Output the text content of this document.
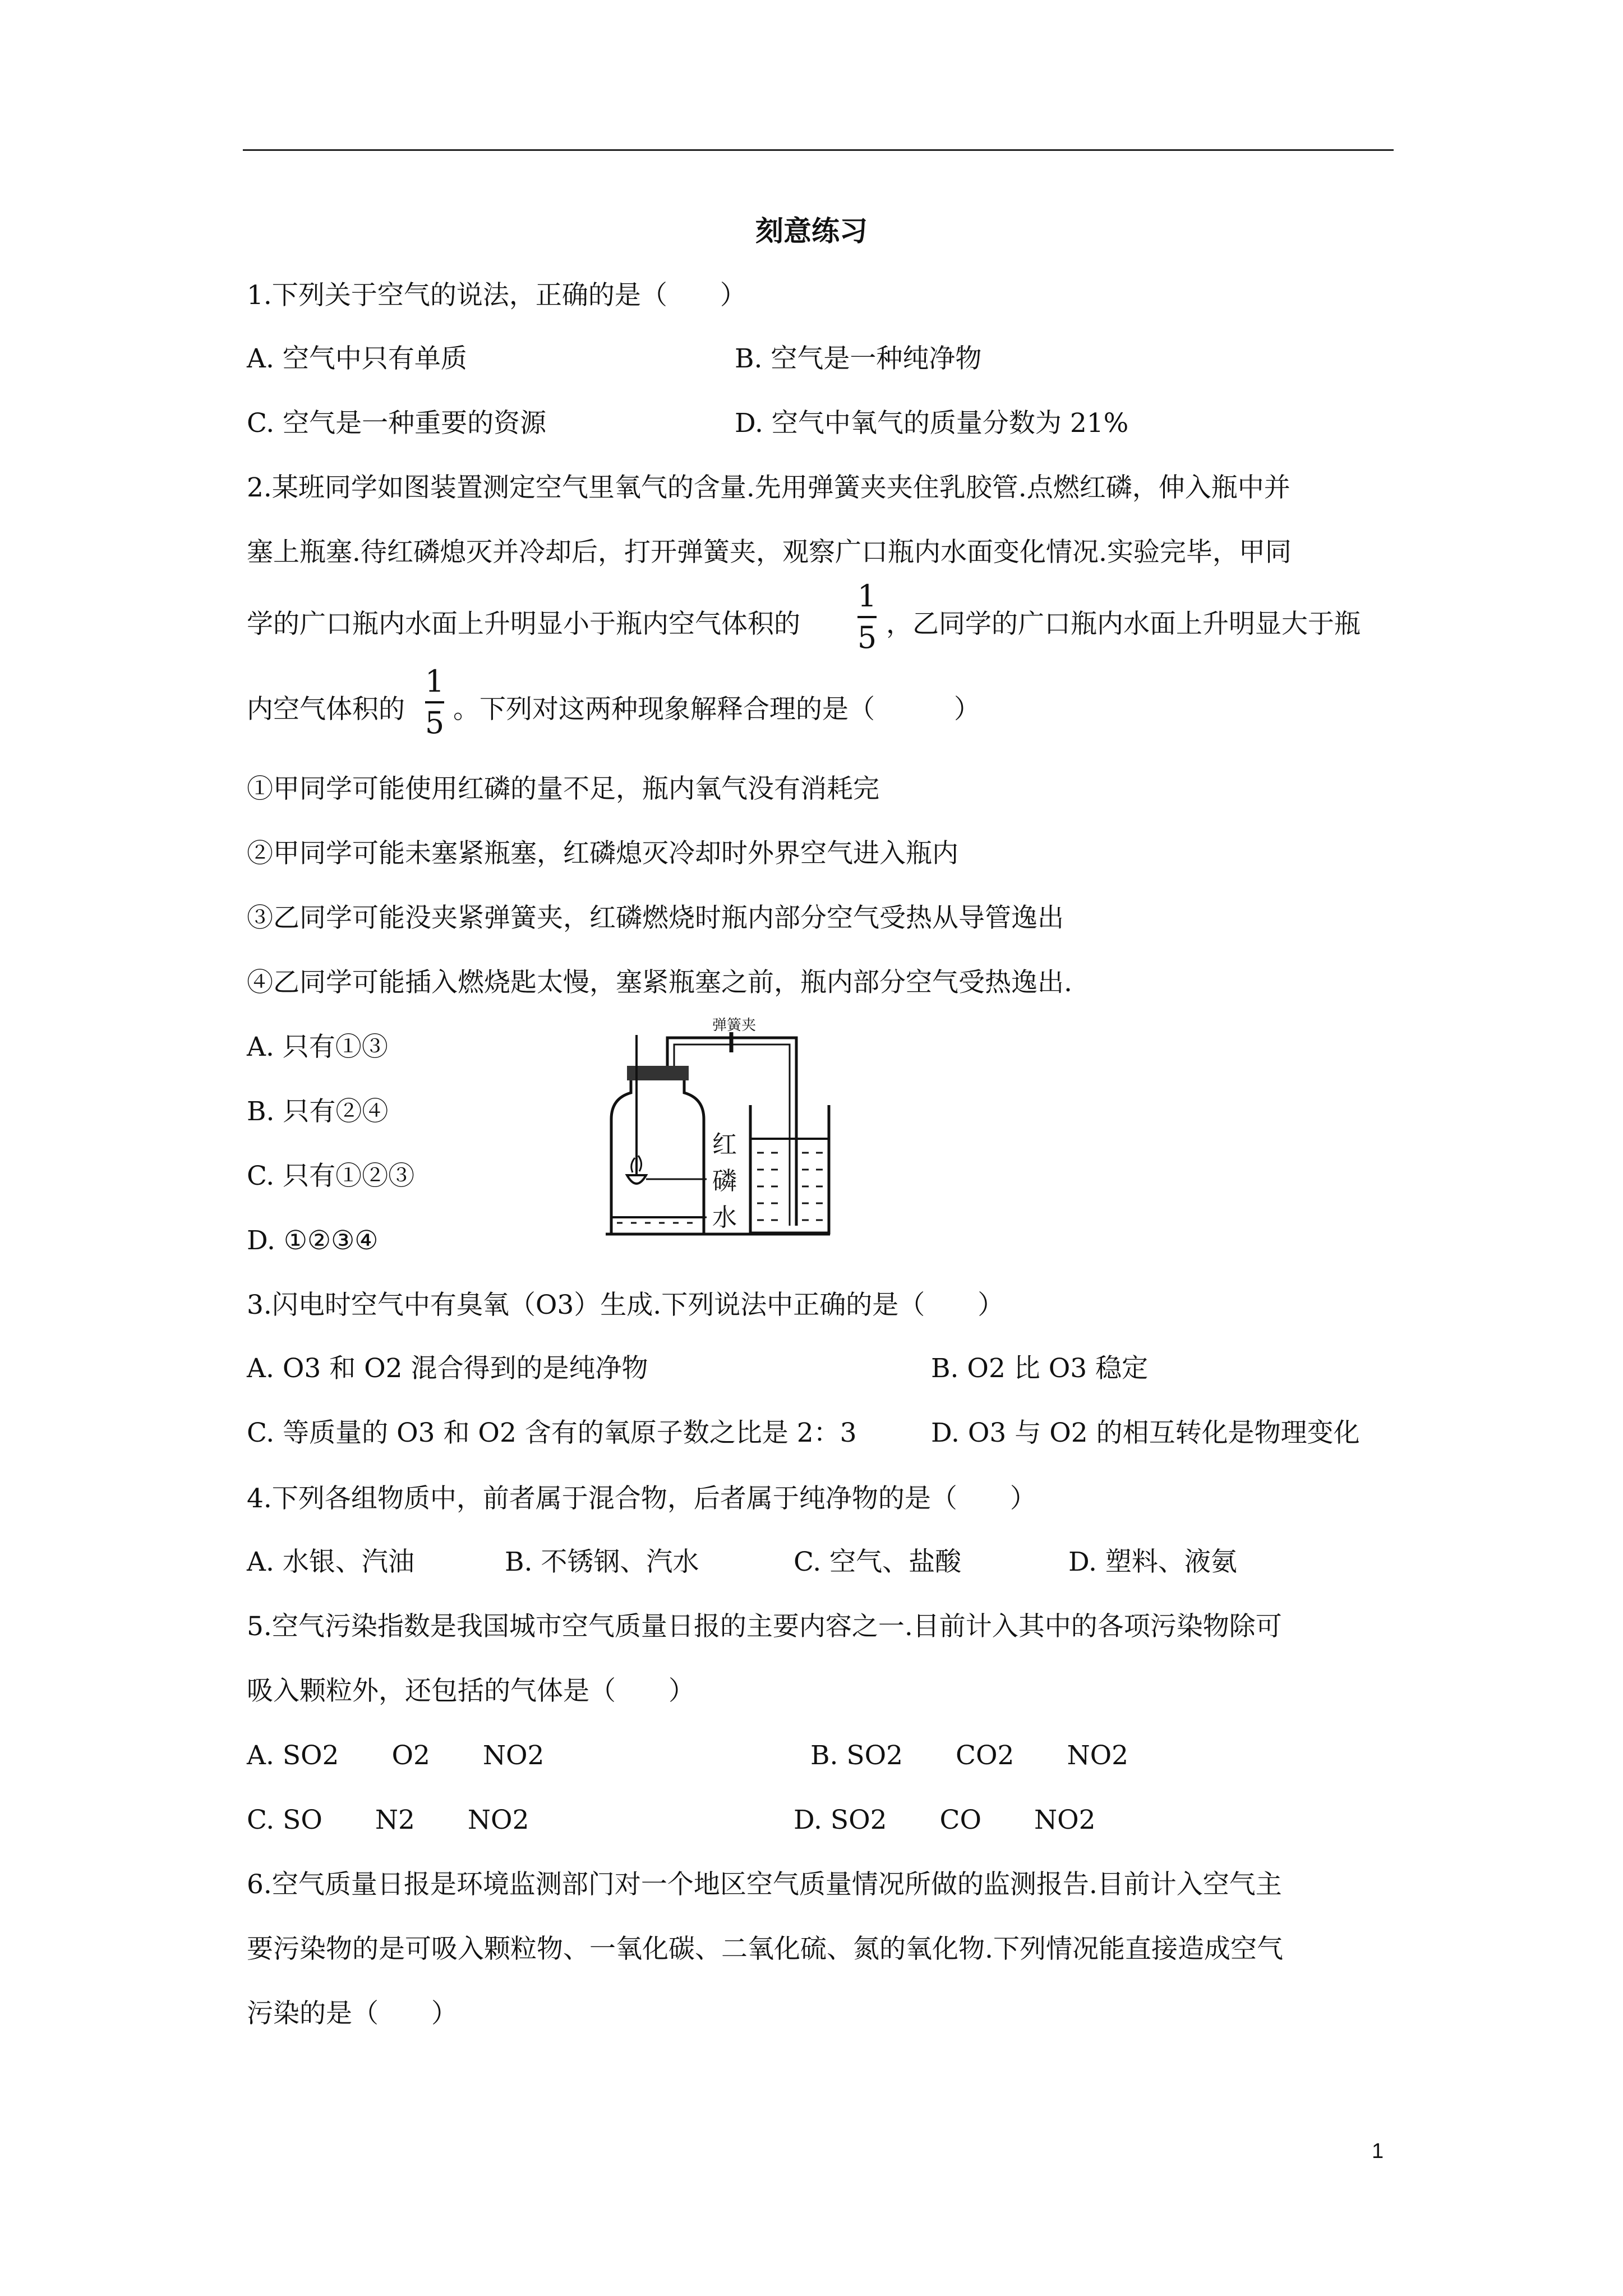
刻意练习
1.下列关于空气的说法，正确的是（　　）
A. 空气中只有单质	B. 空气是一种纯净物
C. 空气是一种重要的资源	D. 空气中氧气的质量分数为 21%
2.某班同学如图装置测定空气里氧气的含量.先用弹簧夹夹住乳胶管.点燃红磷，伸入瓶中并
塞上瓶塞.待红磷熄灭并冷却后，打开弹簧夹，观察广口瓶内水面变化情况.实验完毕，甲同
学的广口瓶内水面上升明显小于瓶内空气体积的
1
5 ，乙同学的广口瓶内水面上升明显大于瓶
内空气体积的
1
5 。下列对这两种现象解释合理的是（　　　）
①甲同学可能使用红磷的量不足，瓶内氧气没有消耗完
②甲同学可能未塞紧瓶塞，红磷熄灭冷却时外界空气进入瓶内
③乙同学可能没夹紧弹簧夹，红磷燃烧时瓶内部分空气受热从导管逸出
④乙同学可能插入燃烧匙太慢，塞紧瓶塞之前，瓶内部分空气受热逸出.
A. 只有①③
B. 只有②④
C. 只有①②③
D. ①②③④
弹簧夹
红
磷
水
3.闪电时空气中有臭氧（O3）生成.下列说法中正确的是（　　）
A. O3 和 O2 混合得到的是纯净物	B. O2 比 O3 稳定
C. 等质量的 O3 和 O2 含有的氧原子数之比是 2：3	D. O3 与 O2 的相互转化是物理变化
4.下列各组物质中，前者属于混合物，后者属于纯净物的是（　　）
A. 水银、汽油	B. 不锈钢、汽水	C. 空气、盐酸	D. 塑料、液氨
5.空气污染指数是我国城市空气质量日报的主要内容之一.目前计入其中的各项污染物除可
吸入颗粒外，还包括的气体是（　　）
A. SO2　　O2　　NO2	B. SO2　　CO2　　NO2
C. SO　　N2　　NO2	D. SO2　　CO　　NO2
6.空气质量日报是环境监测部门对一个地区空气质量情况所做的监测报告.目前计入空气主
要污染物的是可吸入颗粒物、一氧化碳、二氧化硫、氮的氧化物.下列情况能直接造成空气
污染的是（　　）
1
